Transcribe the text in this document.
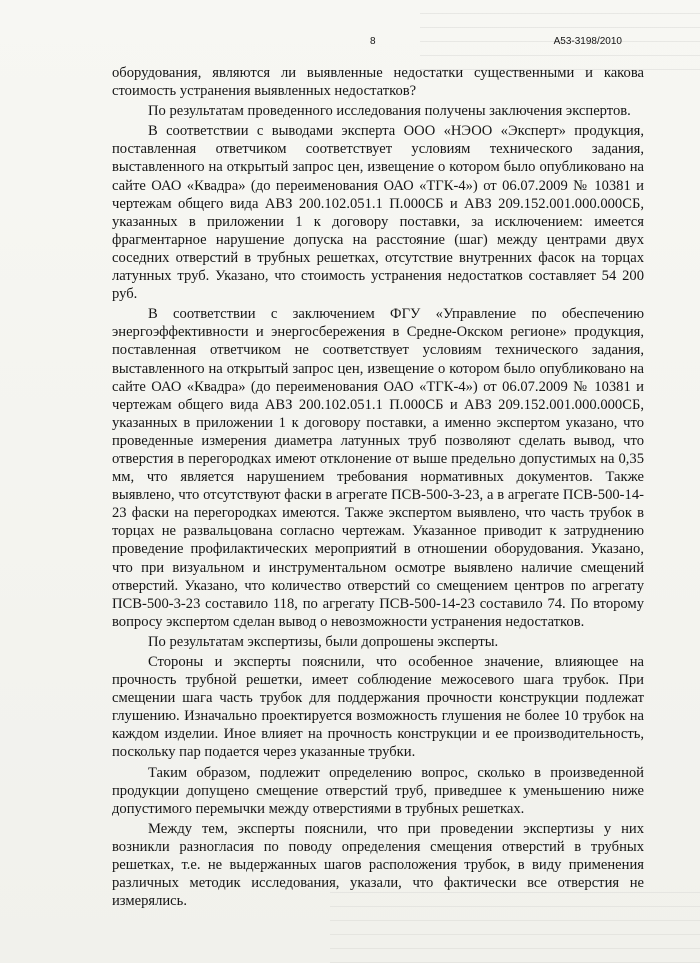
8	А53-3198/2010

оборудования, являются ли выявленные недостатки существенными и какова стоимость устранения выявленных недостатков?

По результатам проведенного исследования получены заключения экспертов.

В соответствии с выводами эксперта ООО «НЭОО «Эксперт» продукция, поставленная ответчиком соответствует условиям технического задания, выставленного на открытый запрос цен, извещение о котором было опубликовано на сайте ОАО «Квадра» (до переименования ОАО «ТГК-4») от 06.07.2009 № 10381 и чертежам общего вида АВЗ 200.102.051.1 П.000СБ и АВЗ 209.152.001.000.000СБ, указанных в приложении 1 к договору поставки, за исключением: имеется фрагментарное нарушение допуска на расстояние (шаг) между центрами двух соседних отверстий в трубных решетках, отсутствие внутренних фасок на торцах латунных труб. Указано, что стоимость устранения недостатков составляет 54 200 руб.

В соответствии с заключением ФГУ «Управление по обеспечению энергоэффективности и энергосбережения в Средне-Окском регионе» продукция, поставленная ответчиком не соответствует условиям технического задания, выставленного на открытый запрос цен, извещение о котором было опубликовано на сайте ОАО «Квадра» (до переименования ОАО «ТГК-4») от 06.07.2009 № 10381 и чертежам общего вида АВЗ 200.102.051.1 П.000СБ и АВЗ 209.152.001.000.000СБ, указанных в приложении 1 к договору поставки, а именно экспертом указано, что проведенные измерения диаметра латунных труб позволяют сделать вывод, что отверстия в перегородках имеют отклонение от выше предельно допустимых на 0,35 мм, что является нарушением требования нормативных документов. Также выявлено, что отсутствуют фаски в агрегате ПСВ-500-3-23, а в агрегате ПСВ-500-14-23 фаски на перегородках имеются. Также экспертом выявлено, что часть трубок в торцах не развальцована согласно чертежам. Указанное приводит к затруднению проведение профилактических мероприятий в отношении оборудования. Указано, что при визуальном и инструментальном осмотре выявлено наличие смещений отверстий. Указано, что количество отверстий со смещением центров по агрегату ПСВ-500-3-23 составило 118, по агрегату ПСВ-500-14-23 составило 74. По второму вопросу экспертом сделан вывод о невозможности устранения недостатков.

По результатам экспертизы, были допрошены эксперты.

Стороны и эксперты пояснили, что особенное значение, влияющее на прочность трубной решетки, имеет соблюдение межосевого шага трубок. При смещении шага часть трубок для поддержания прочности конструкции подлежат глушению. Изначально проектируется возможность глушения не более 10 трубок на каждом изделии. Иное влияет на прочность конструкции и ее производительность, поскольку пар подается через указанные трубки.

Таким образом, подлежит определению вопрос, сколько в произведенной продукции допущено смещение отверстий труб, приведшее к уменьшению ниже допустимого перемычки между отверстиями в трубных решетках.

Между тем, эксперты пояснили, что при проведении экспертизы у них возникли разногласия по поводу определения смещения отверстий в трубных решетках, т.е. не выдержанных шагов расположения трубок, в виду применения различных методик исследования, указали, что фактически все отверстия не измерялись.
